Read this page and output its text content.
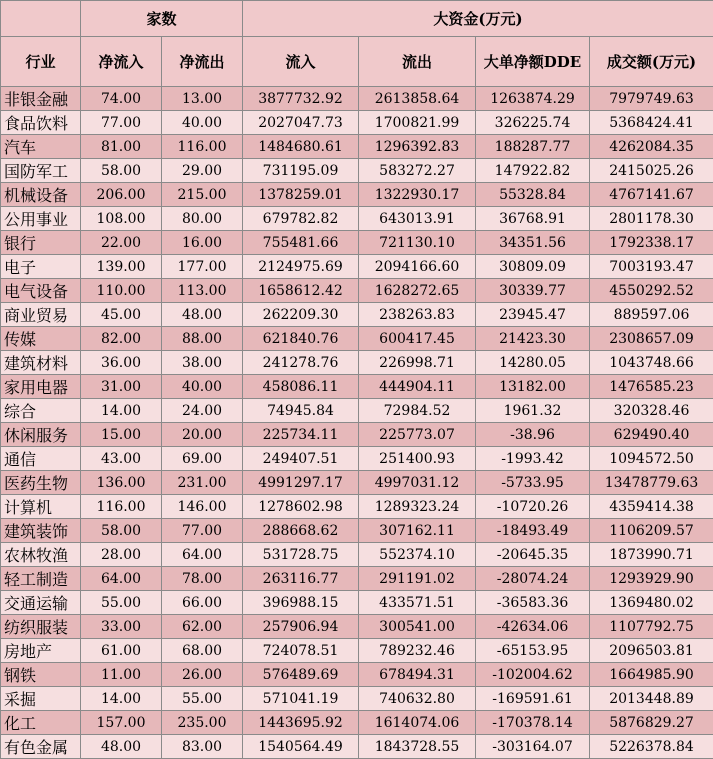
	家数		大资金(万元)			
行业	净流入	净流出	流入	流出	大单净额DDE	成交额(万元)
非银金融	74.00	13.00	3877732.92	2613858.64	1263874.29	7979749.63
食品饮料	77.00	40.00	2027047.73	1700821.99	326225.74	5368424.41
汽车	81.00	116.00	1484680.61	1296392.83	188287.77	4262084.35
国防军工	58.00	29.00	731195.09	583272.27	147922.82	2415025.26
机械设备	206.00	215.00	1378259.01	1322930.17	55328.84	4767141.67
公用事业	108.00	80.00	679782.82	643013.91	36768.91	2801178.30
银行	22.00	16.00	755481.66	721130.10	34351.56	1792338.17
电子	139.00	177.00	2124975.69	2094166.60	30809.09	7003193.47
电气设备	110.00	113.00	1658612.42	1628272.65	30339.77	4550292.52
商业贸易	45.00	48.00	262209.30	238263.83	23945.47	889597.06
传媒	82.00	88.00	621840.76	600417.45	21423.30	2308657.09
建筑材料	36.00	38.00	241278.76	226998.71	14280.05	1043748.66
家用电器	31.00	40.00	458086.11	444904.11	13182.00	1476585.23
综合	14.00	24.00	74945.84	72984.52	1961.32	320328.46
休闲服务	15.00	20.00	225734.11	225773.07	-38.96	629490.40
通信	43.00	69.00	249407.51	251400.93	-1993.42	1094572.50
医药生物	136.00	231.00	4991297.17	4997031.12	-5733.95	13478779.63
计算机	116.00	146.00	1278602.98	1289323.24	-10720.26	4359414.38
建筑装饰	58.00	77.00	288668.62	307162.11	-18493.49	1106209.57
农林牧渔	28.00	64.00	531728.75	552374.10	-20645.35	1873990.71
轻工制造	64.00	78.00	263116.77	291191.02	-28074.24	1293929.90
交通运输	55.00	66.00	396988.15	433571.51	-36583.36	1369480.02
纺织服装	33.00	62.00	257906.94	300541.00	-42634.06	1107792.75
房地产	61.00	68.00	724078.51	789232.46	-65153.95	2096503.81
钢铁	11.00	26.00	576489.69	678494.31	-102004.62	1664985.90
采掘	14.00	55.00	571041.19	740632.80	-169591.61	2013448.89
化工	157.00	235.00	1443695.92	1614074.06	-170378.14	5876829.27
有色金属	48.00	83.00	1540564.49	1843728.55	-303164.07	5226378.84
